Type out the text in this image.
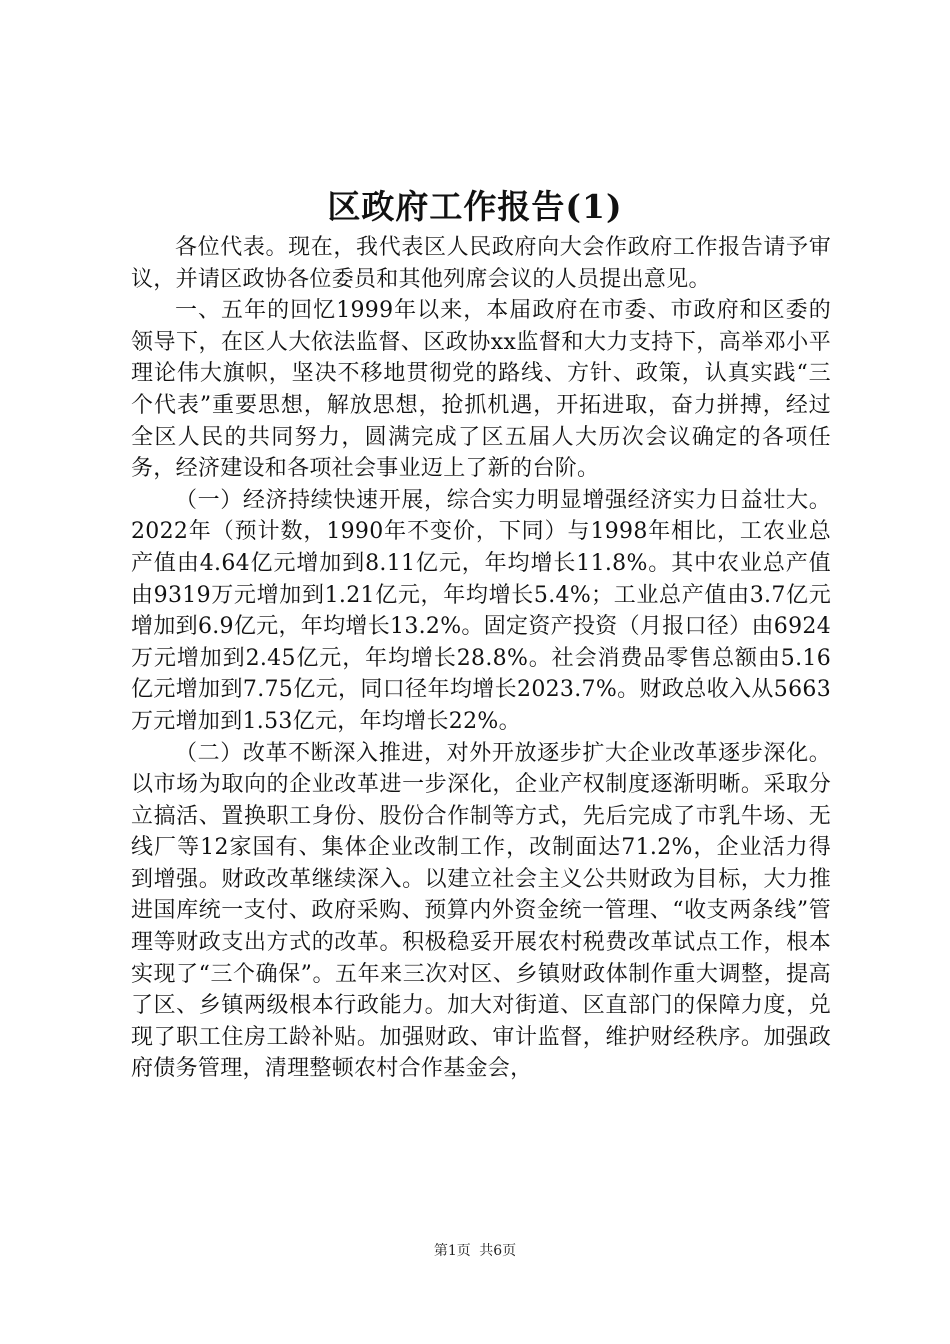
区政府工作报告(1)

各位代表。现在，我代表区人民政府向大会作政府工作报告请予审议，并请区政协各位委员和其他列席会议的人员提出意见。

一、五年的回忆1999年以来，本届政府在市委、市政府和区委的领导下，在区人大依法监督、区政协xx监督和大力支持下，高举邓小平理论伟大旗帜，坚决不移地贯彻党的路线、方针、政策，认真实践“三个代表”重要思想，解放思想，抢抓机遇，开拓进取，奋力拼搏，经过全区人民的共同努力，圆满完成了区五届人大历次会议确定的各项任务，经济建设和各项社会事业迈上了新的台阶。

（一）经济持续快速开展，综合实力明显增强经济实力日益壮大。2022年（预计数，1990年不变价，下同）与1998年相比，工农业总产值由4.64亿元增加到8.11亿元，年均增长11.8%。其中农业总产值由9319万元增加到1.21亿元，年均增长5.4%；工业总产值由3.7亿元增加到6.9亿元，年均增长13.2%。固定资产投资（月报口径）由6924万元增加到2.45亿元，年均增长28.8%。社会消费品零售总额由5.16亿元增加到7.75亿元，同口径年均增长2023.7%。财政总收入从5663万元增加到1.53亿元，年均增长22%。

（二）改革不断深入推进，对外开放逐步扩大企业改革逐步深化。以市场为取向的企业改革进一步深化，企业产权制度逐渐明晰。采取分立搞活、置换职工身份、股份合作制等方式，先后完成了市乳牛场、无线厂等12家国有、集体企业改制工作，改制面达71.2%，企业活力得到增强。财政改革继续深入。以建立社会主义公共财政为目标，大力推进国库统一支付、政府采购、预算内外资金统一管理、“收支两条线”管理等财政支出方式的改革。积极稳妥开展农村税费改革试点工作，根本实现了“三个确保”。五年来三次对区、乡镇财政体制作重大调整，提高了区、乡镇两级根本行政能力。加大对街道、区直部门的保障力度，兑现了职工住房工龄补贴。加强财政、审计监督，维护财经秩序。加强政府债务管理，清理整顿农村合作基金会，

第1页 共6页
